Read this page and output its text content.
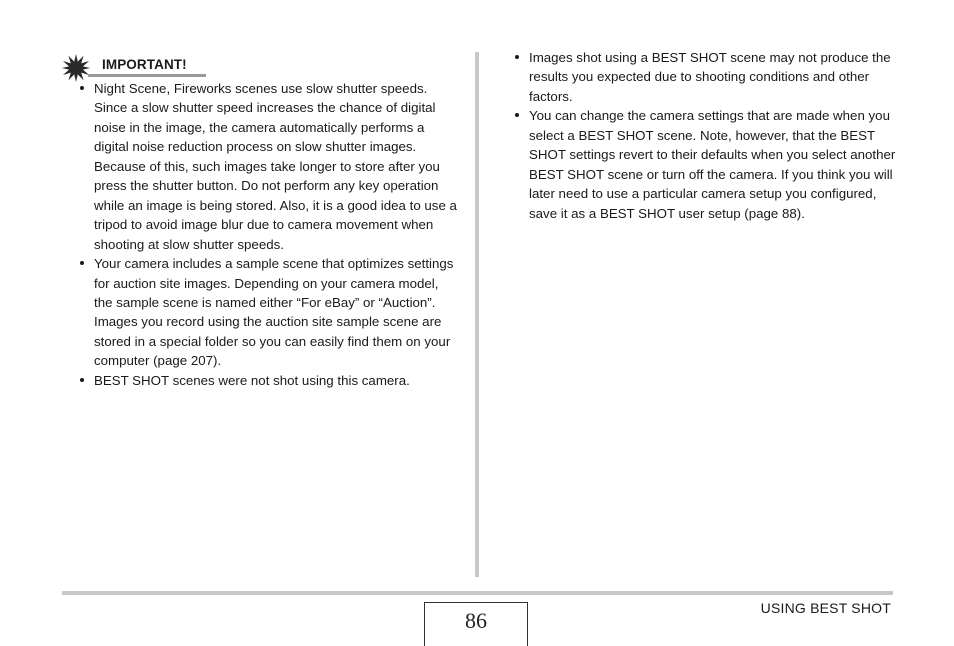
IMPORTANT!
Night Scene, Fireworks scenes use slow shutter speeds. Since a slow shutter speed increases the chance of digital noise in the image, the camera automatically performs a digital noise reduction process on slow shutter images. Because of this, such images take longer to store after you press the shutter button. Do not perform any key operation while an image is being stored. Also, it is a good idea to use a tripod to avoid image blur due to camera movement when shooting at slow shutter speeds.
Your camera includes a sample scene that optimizes settings for auction site images. Depending on your camera model, the sample scene is named either “For eBay” or “Auction”. Images you record using the auction site sample scene are stored in a special folder so you can easily find them on your computer (page 207).
BEST SHOT scenes were not shot using this camera.
Images shot using a BEST SHOT scene may not produce the results you expected due to shooting conditions and other factors.
You can change the camera settings that are made when you select a BEST SHOT scene. Note, however, that the BEST SHOT settings revert to their defaults when you select another BEST SHOT scene or turn off the camera. If you think you will later need to use a particular camera setup you configured, save it as a BEST SHOT user setup (page 88).
86	USING BEST SHOT
